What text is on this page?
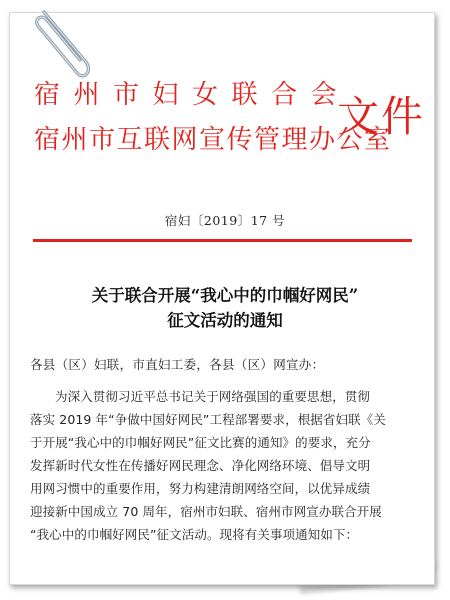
宿州市妇女联合会
宿州市互联网宣传管理办公室
文件
宿妇〔2019〕17 号
关于联合开展“我心中的巾帼好网民”
征文活动的通知
各县（区）妇联，市直妇工委，各县（区）网宣办：
为深入贯彻习近平总书记关于网络强国的重要思想，贯彻
落实 2019 年“争做中国好网民”工程部署要求，根据省妇联《关
于开展“我心中的巾帼好网民”征文比赛的通知》的要求，充分
发挥新时代女性在传播好网民理念、净化网络环境、倡导文明
用网习惯中的重要作用，努力构建清朗网络空间，以优异成绩
迎接新中国成立 70 周年，宿州市妇联、宿州市网宣办联合开展
“我心中的巾帼好网民”征文活动。现将有关事项通知如下：
